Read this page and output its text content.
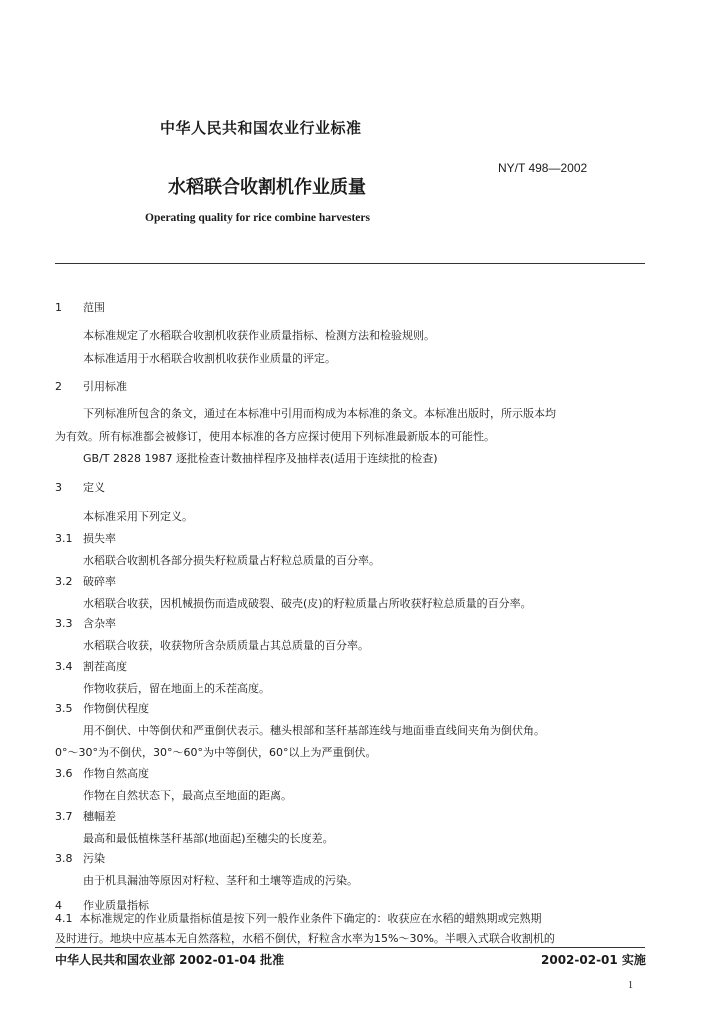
中华人民共和国农业行业标准
NY/T 498—2002
水稻联合收割机作业质量
Operating quality for rice combine harvesters
1 范围
本标准规定了水稻联合收割机收获作业质量指标、检测方法和检验规则。
本标准适用于水稻联合收割机收获作业质量的评定。
2 引用标准
下列标准所包含的条文，通过在本标准中引用而构成为本标准的条文。本标准出版时，所示版本均
为有效。所有标准都会被修订，使用本标准的各方应探讨使用下列标准最新版本的可能性。
GB/T 2828 1987 逐批检查计数抽样程序及抽样表(适用于连续批的检查)
3 定义
本标准采用下列定义。
3.1 损失率
水稻联合收割机各部分损失籽粒质量占籽粒总质量的百分率。
3.2 破碎率
水稻联合收获，因机械损伤而造成破裂、破壳(皮)的籽粒质量占所收获籽粒总质量的百分率。
3.3 含杂率
水稻联合收获，收获物所含杂质质量占其总质量的百分率。
3.4 割茬高度
作物收获后，留在地面上的禾茬高度。
3.5 作物倒伏程度
用不倒伏、中等倒伏和严重倒伏表示。穗头根部和茎秆基部连线与地面垂直线间夹角为倒伏角。
0°～30°为不倒伏，30°～60°为中等倒伏，60°以上为严重倒伏。
3.6 作物自然高度
作物在自然状态下，最高点至地面的距离。
3.7 穗幅差
最高和最低植株茎秆基部(地面起)至穗尖的长度差。
3.8 污染
由于机具漏油等原因对籽粒、茎秆和土壤等造成的污染。
4 作业质量指标
4.1 本标准规定的作业质量指标值是按下列一般作业条件下确定的：收获应在水稻的蜡熟期或完熟期
及时进行。地块中应基本无自然落粒，水稻不倒伏，籽粒含水率为15%～30%。半喂入式联合收割机的
中华人民共和国农业部 2002-01-04 批准	2002-02-01 实施
1
